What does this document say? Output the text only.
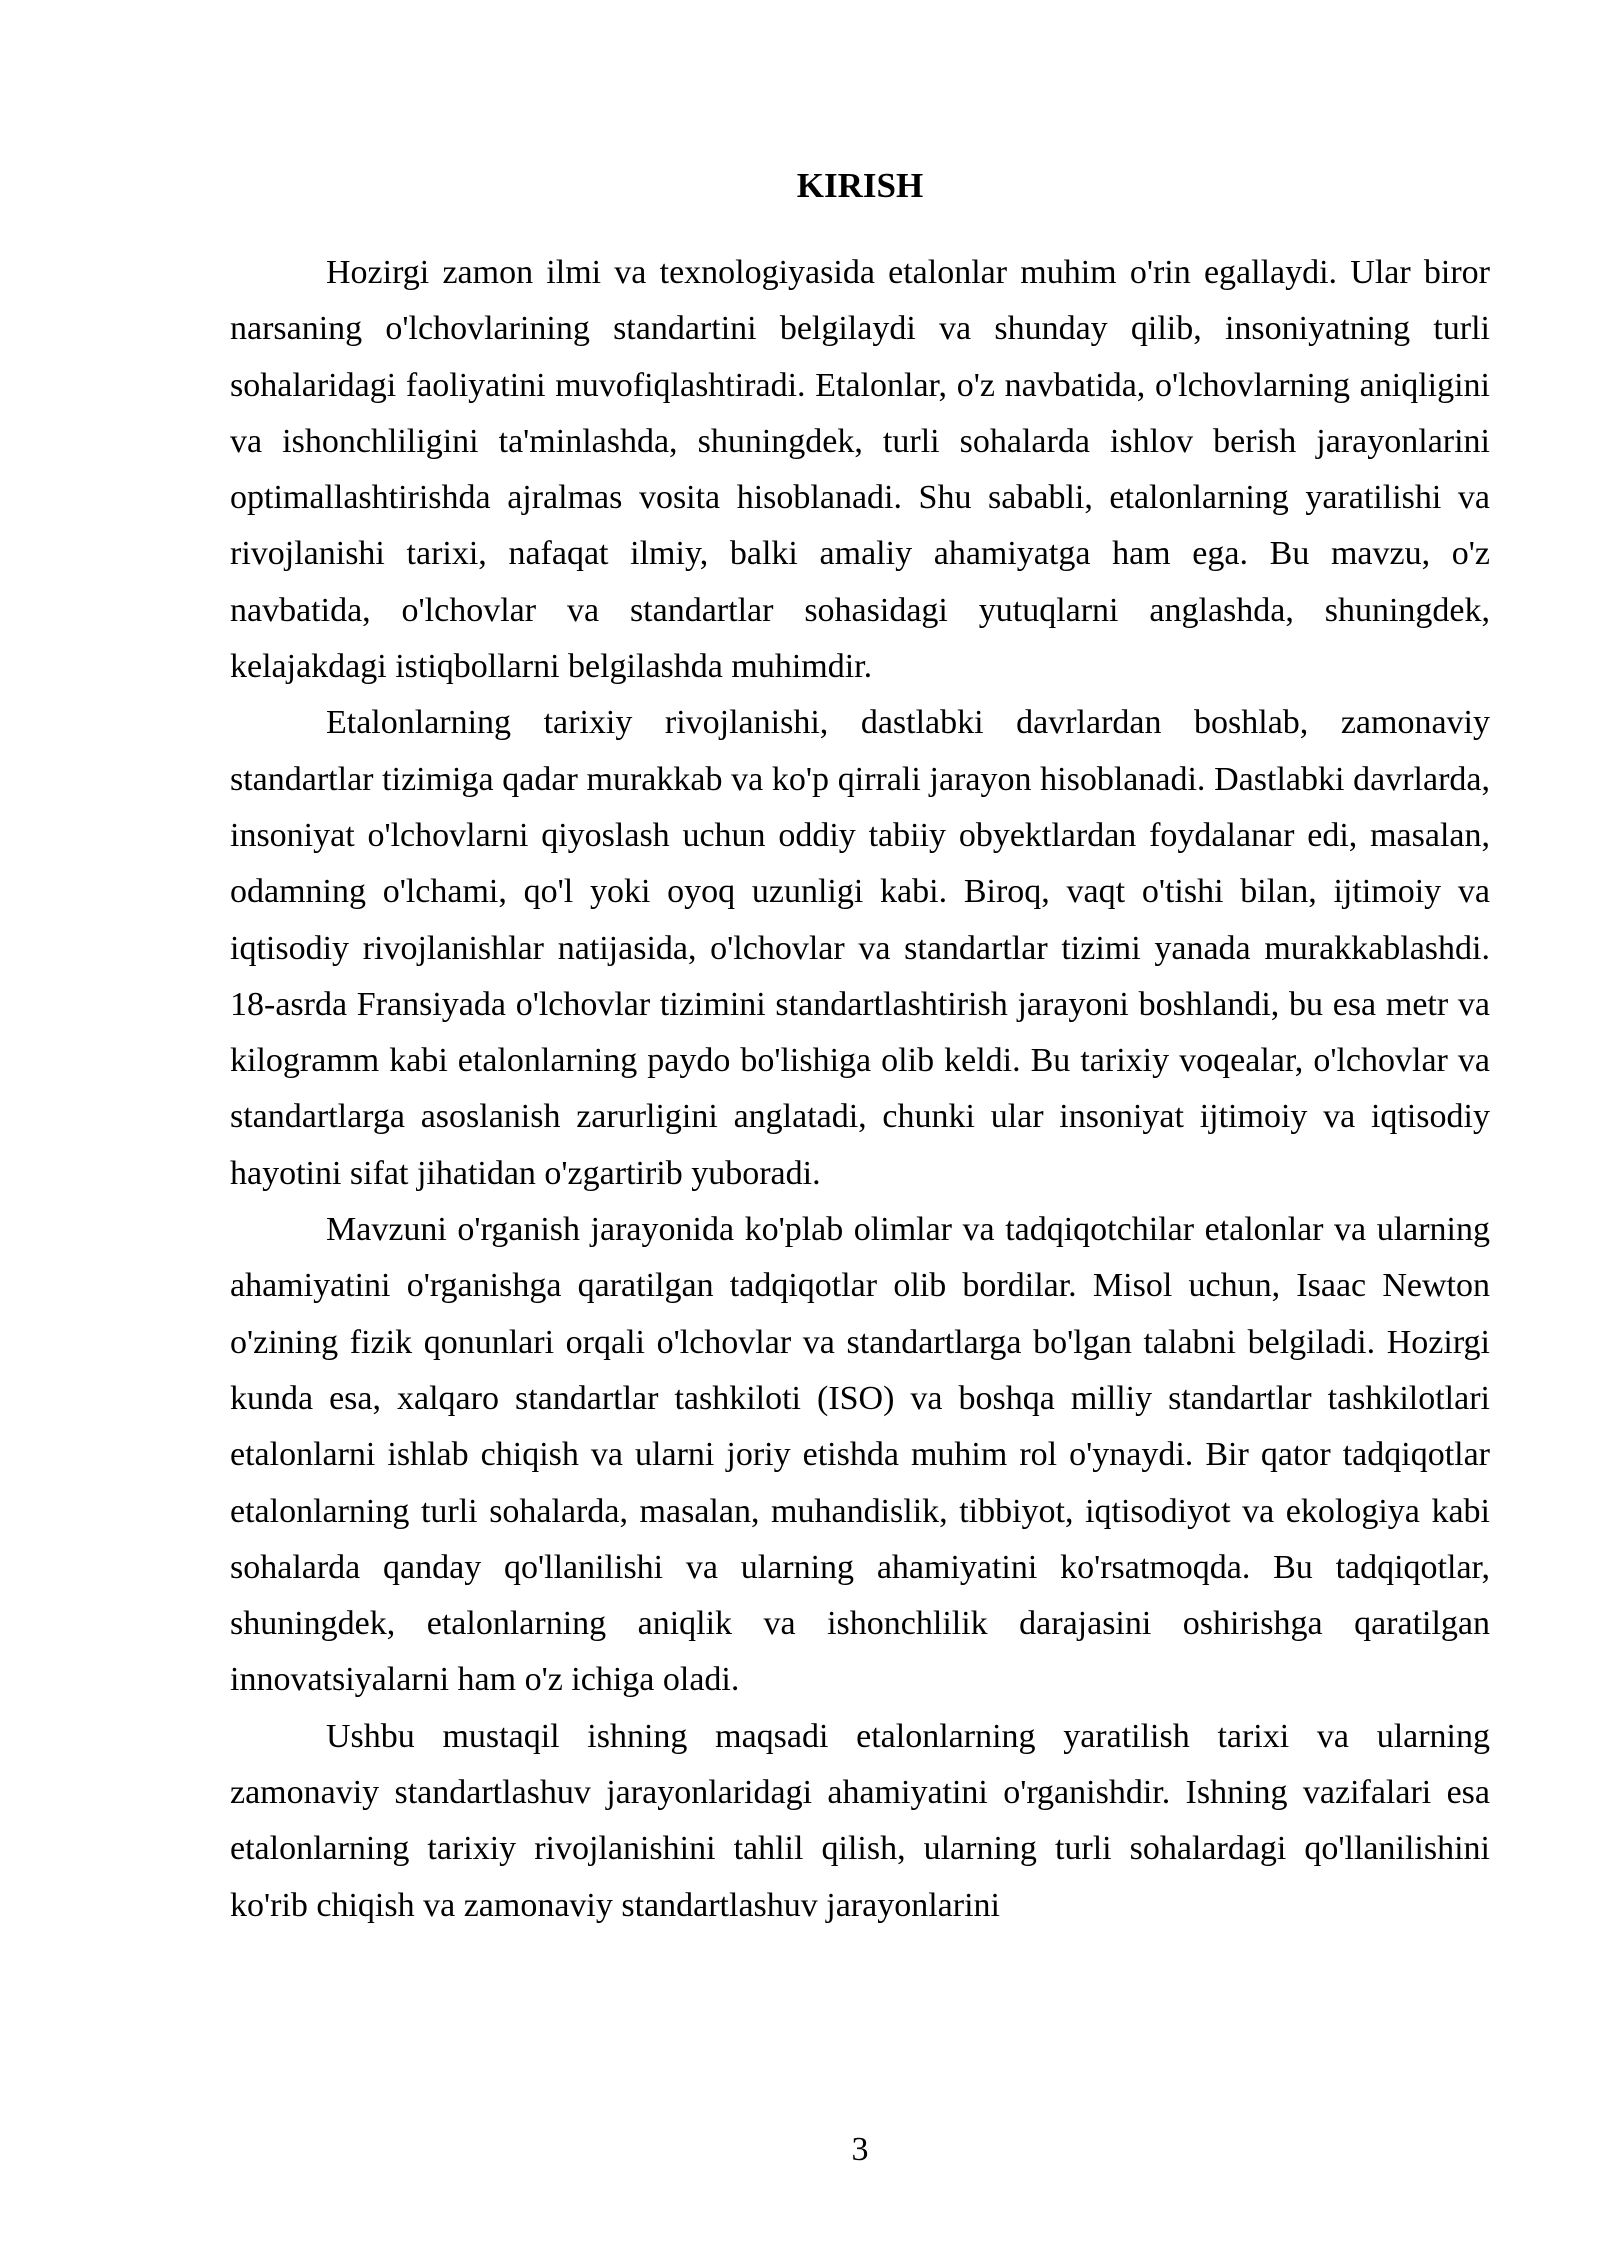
KIRISH

Hozirgi zamon ilmi va texnologiyasida etalonlar muhim o'rin egallaydi. Ular biror narsaning o'lchovlarining standartini belgilaydi va shunday qilib, insoniyatning turli sohalaridagi faoliyatini muvofiqlashtiradi. Etalonlar, o'z navbatida, o'lchovlarning aniqligini va ishonchliligini ta'minlashda, shuningdek, turli sohalarda ishlov berish jarayonlarini optimallashtirishda ajralmas vosita hisoblanadi. Shu sababli, etalonlarning yaratilishi va rivojlanishi tarixi, nafaqat ilmiy, balki amaliy ahamiyatga ham ega. Bu mavzu, o'z navbatida, o'lchovlar va standartlar sohasidagi yutuqlarni anglashda, shuningdek, kelajakdagi istiqbollarni belgilashda muhimdir.

Etalonlarning tarixiy rivojlanishi, dastlabki davrlardan boshlab, zamonaviy standartlar tizimiga qadar murakkab va ko'p qirrali jarayon hisoblanadi. Dastlabki davrlarda, insoniyat o'lchovlarni qiyoslash uchun oddiy tabiiy obyektlardan foydalanar edi, masalan, odamning o'lchami, qo'l yoki oyoq uzunligi kabi. Biroq, vaqt o'tishi bilan, ijtimoiy va iqtisodiy rivojlanishlar natijasida, o'lchovlar va standartlar tizimi yanada murakkablashdi. 18-asrda Fransiyada o'lchovlar tizimini standartlashtirish jarayoni boshlandi, bu esa metr va kilogramm kabi etalonlarning paydo bo'lishiga olib keldi. Bu tarixiy voqealar, o'lchovlar va standartlarga asoslanish zarurligini anglatadi, chunki ular insoniyat ijtimoiy va iqtisodiy hayotini sifat jihatidan o'zgartirib yuboradi.

Mavzuni o'rganish jarayonida ko'plab olimlar va tadqiqotchilar etalonlar va ularning ahamiyatini o'rganishga qaratilgan tadqiqotlar olib bordilar. Misol uchun, Isaac Newton o'zining fizik qonunlari orqali o'lchovlar va standartlarga bo'lgan talabni belgiladi. Hozirgi kunda esa, xalqaro standartlar tashkiloti (ISO) va boshqa milliy standartlar tashkilotlari etalonlarni ishlab chiqish va ularni joriy etishda muhim rol o'ynaydi. Bir qator tadqiqotlar etalonlarning turli sohalarda, masalan, muhandislik, tibbiyot, iqtisodiyot va ekologiya kabi sohalarda qanday qo'llanilishi va ularning ahamiyatini ko'rsatmoqda. Bu tadqiqotlar, shuningdek, etalonlarning aniqlik va ishonchlilik darajasini oshirishga qaratilgan innovatsiyalarni ham o'z ichiga oladi.

Ushbu mustaqil ishning maqsadi etalonlarning yaratilish tarixi va ularning zamonaviy standartlashuv jarayonlaridagi ahamiyatini o'rganishdir. Ishning vazifalari esa etalonlarning tarixiy rivojlanishini tahlil qilish, ularning turli sohalardagi qo'llanilishini ko'rib chiqish va zamonaviy standartlashuv jarayonlarini

3
